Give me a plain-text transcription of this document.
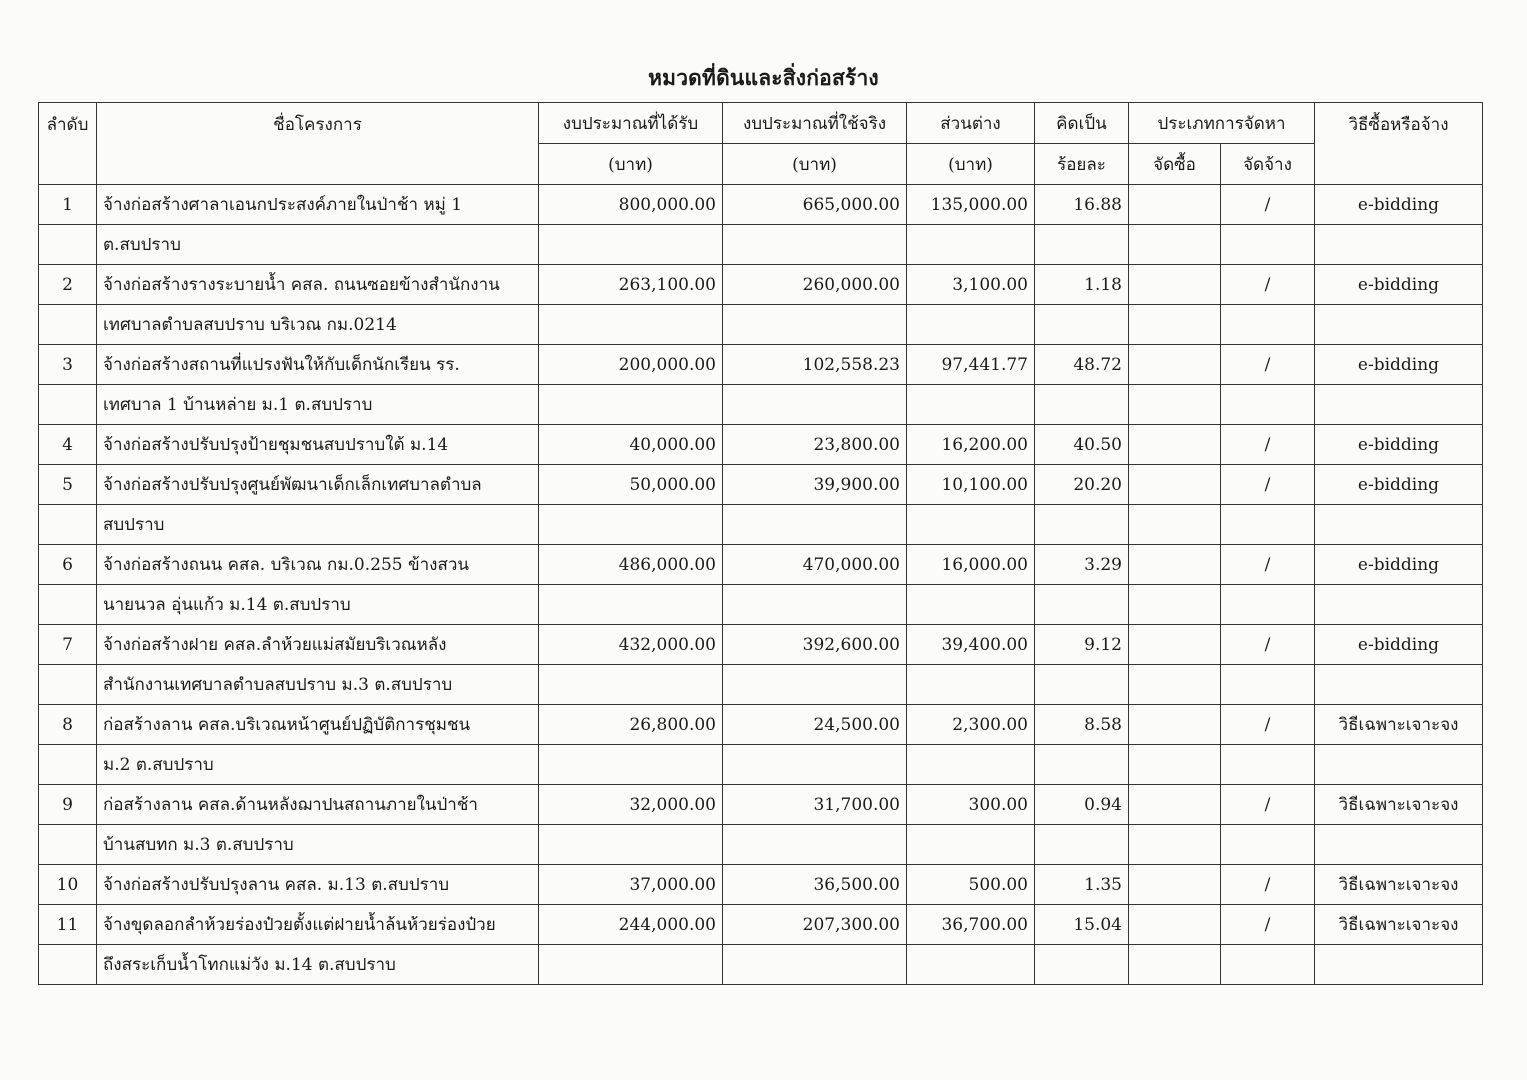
หมวดที่ดินและสิ่งก่อสร้าง
ลำดับ	ชื่อโครงการ	งบประมาณที่ได้รับ	งบประมาณที่ใช้จริง	ส่วนต่าง	คิดเป็น	ประเภทการจัดหา		วิธีซื้อหรือจ้าง
		(บาท)	(บาท)	(บาท)	ร้อยละ	จัดซื้อ	จัดจ้าง	
1	จ้างก่อสร้างศาลาเอนกประสงค์ภายในป่าช้า หมู่ 1	800,000.00	665,000.00	135,000.00	16.88		/	e-bidding
	ต.สบปราบ							
2	จ้างก่อสร้างรางระบายน้ำ คสล. ถนนซอยข้างสำนักงาน	263,100.00	260,000.00	3,100.00	1.18		/	e-bidding
	เทศบาลตำบลสบปราบ บริเวณ กม.0214							
3	จ้างก่อสร้างสถานที่แปรงฟันให้กับเด็กนักเรียน รร.	200,000.00	102,558.23	97,441.77	48.72		/	e-bidding
	เทศบาล 1 บ้านหล่าย ม.1 ต.สบปราบ							
4	จ้างก่อสร้างปรับปรุงป้ายชุมชนสบปราบใต้ ม.14	40,000.00	23,800.00	16,200.00	40.50		/	e-bidding
5	จ้างก่อสร้างปรับปรุงศูนย์พัฒนาเด็กเล็กเทศบาลตำบล	50,000.00	39,900.00	10,100.00	20.20		/	e-bidding
	สบปราบ							
6	จ้างก่อสร้างถนน คสล. บริเวณ กม.0.255 ข้างสวน	486,000.00	470,000.00	16,000.00	3.29		/	e-bidding
	นายนวล อุ่นแก้ว ม.14 ต.สบปราบ							
7	จ้างก่อสร้างฝาย คสล.ลำห้วยแม่สมัยบริเวณหลัง	432,000.00	392,600.00	39,400.00	9.12		/	e-bidding
	สำนักงานเทศบาลตำบลสบปราบ ม.3 ต.สบปราบ							
8	ก่อสร้างลาน คสล.บริเวณหน้าศูนย์ปฏิบัติการชุมชน	26,800.00	24,500.00	2,300.00	8.58		/	วิธีเฉพาะเจาะจง
	ม.2 ต.สบปราบ							
9	ก่อสร้างลาน คสล.ด้านหลังฌาปนสถานภายในป่าช้า	32,000.00	31,700.00	300.00	0.94		/	วิธีเฉพาะเจาะจง
	บ้านสบทก ม.3 ต.สบปราบ							
10	จ้างก่อสร้างปรับปรุงลาน คสล. ม.13 ต.สบปราบ	37,000.00	36,500.00	500.00	1.35		/	วิธีเฉพาะเจาะจง
11	จ้างขุดลอกลำห้วยร่องป๋วยตั้งแต่ฝายน้ำล้นห้วยร่องป๋วย	244,000.00	207,300.00	36,700.00	15.04		/	วิธีเฉพาะเจาะจง
	ถึงสระเก็บน้ำโทกแม่วัง ม.14 ต.สบปราบ							
